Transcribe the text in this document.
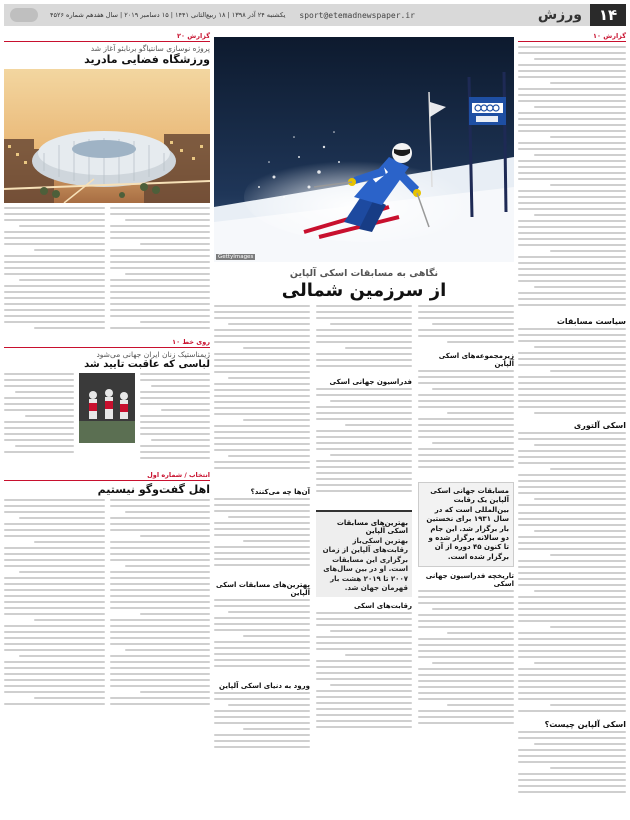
۱۴
ورزش
sport@etemadnewspaper.ir
یکشنبه ۲۴ آذر ۱۳۹۸ | ۱۸ ربیع‌الثانی ۱۴۴۱ | ۱۵ دسامبر ۲۰۱۹ | سال هفدهم شماره ۴۵۲۶
گزارش ۱۰
سیاست مسابقات
اسکی آلتوری
اسکی آلپاین چیست؟
GettyImages
نگاهی به مسابقات اسکی آلپاین
از سرزمین شمالی
زیرمجموعه‌های اسکی آلپاین

مسابقات جهانی اسکی آلپاین یک رقابت بین‌المللی است که در سال ۱۹۳۱ برای نخستین بار برگزار شد. این جام دو سالانه برگزار شده و تا کنون ۴۵ دوره از آن برگزار شده است.

تاریخچه فدراسیون جهانی اسکی
فدراسیون جهانی اسکی
بهترین‌های مسابقات اسکی آلپاین

بهترین اسکی‌باز رقابت‌های آلپاین از زمان برگزاری این مسابقات است. او در بین سال‌های ۲۰۰۷ تا ۲۰۱۹ هشت بار قهرمان جهان شد.

رقابت‌های اسکی
آن‌ها چه می‌کنند؟
بهترین‌های مسابقات اسکی آلپاین
ورود به دنیای اسکی آلپاین
گزارش ۲۰
پروژه نوسازی سانتیاگو برنابئو آغاز شد
ورزشگاه فضایی مادرید
روی خط ۱۰
ژیمناستیک زنان ایران جهانی می‌شود
لباسی که عاقبت تایید شد
انتخاب / شماره اول
اهل گفت‌وگو نیستیم
